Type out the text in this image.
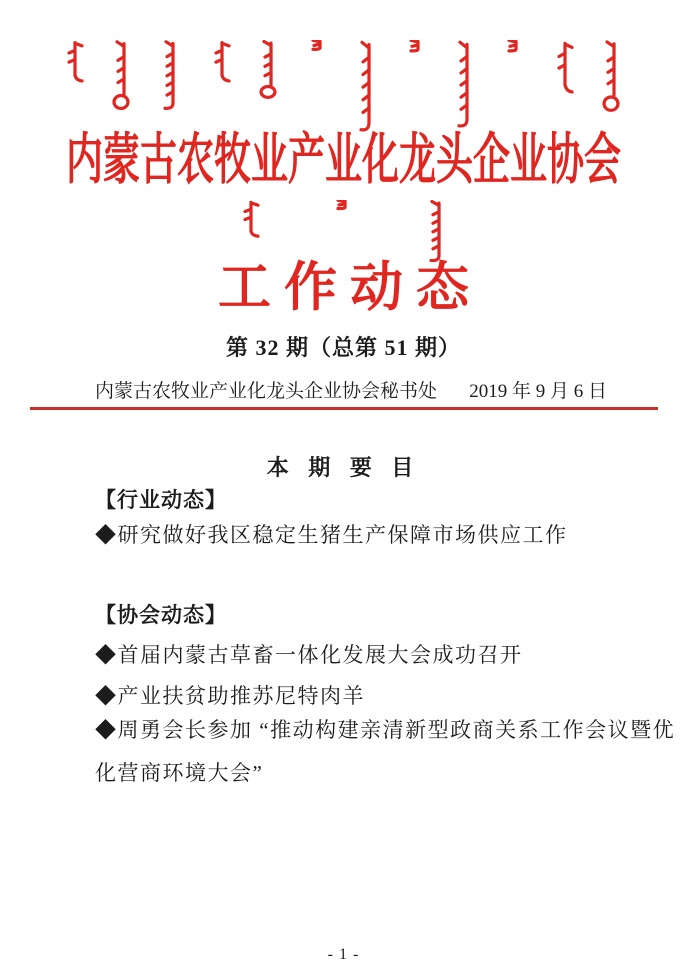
内蒙古农牧业产业化龙头企业协会
工作动态
第 32 期（总第 51 期）
内蒙古农牧业产业化龙头企业协会秘书处 2019 年 9 月 6 日
本 期 要 目
【行业动态】
◆研究做好我区稳定生猪生产保障市场供应工作
【协会动态】
◆首届内蒙古草畜一体化发展大会成功召开
◆产业扶贫助推苏尼特肉羊
◆周勇会长参加 “推动构建亲清新型政商关系工作会议暨优
化营商环境大会”
- 1 -
